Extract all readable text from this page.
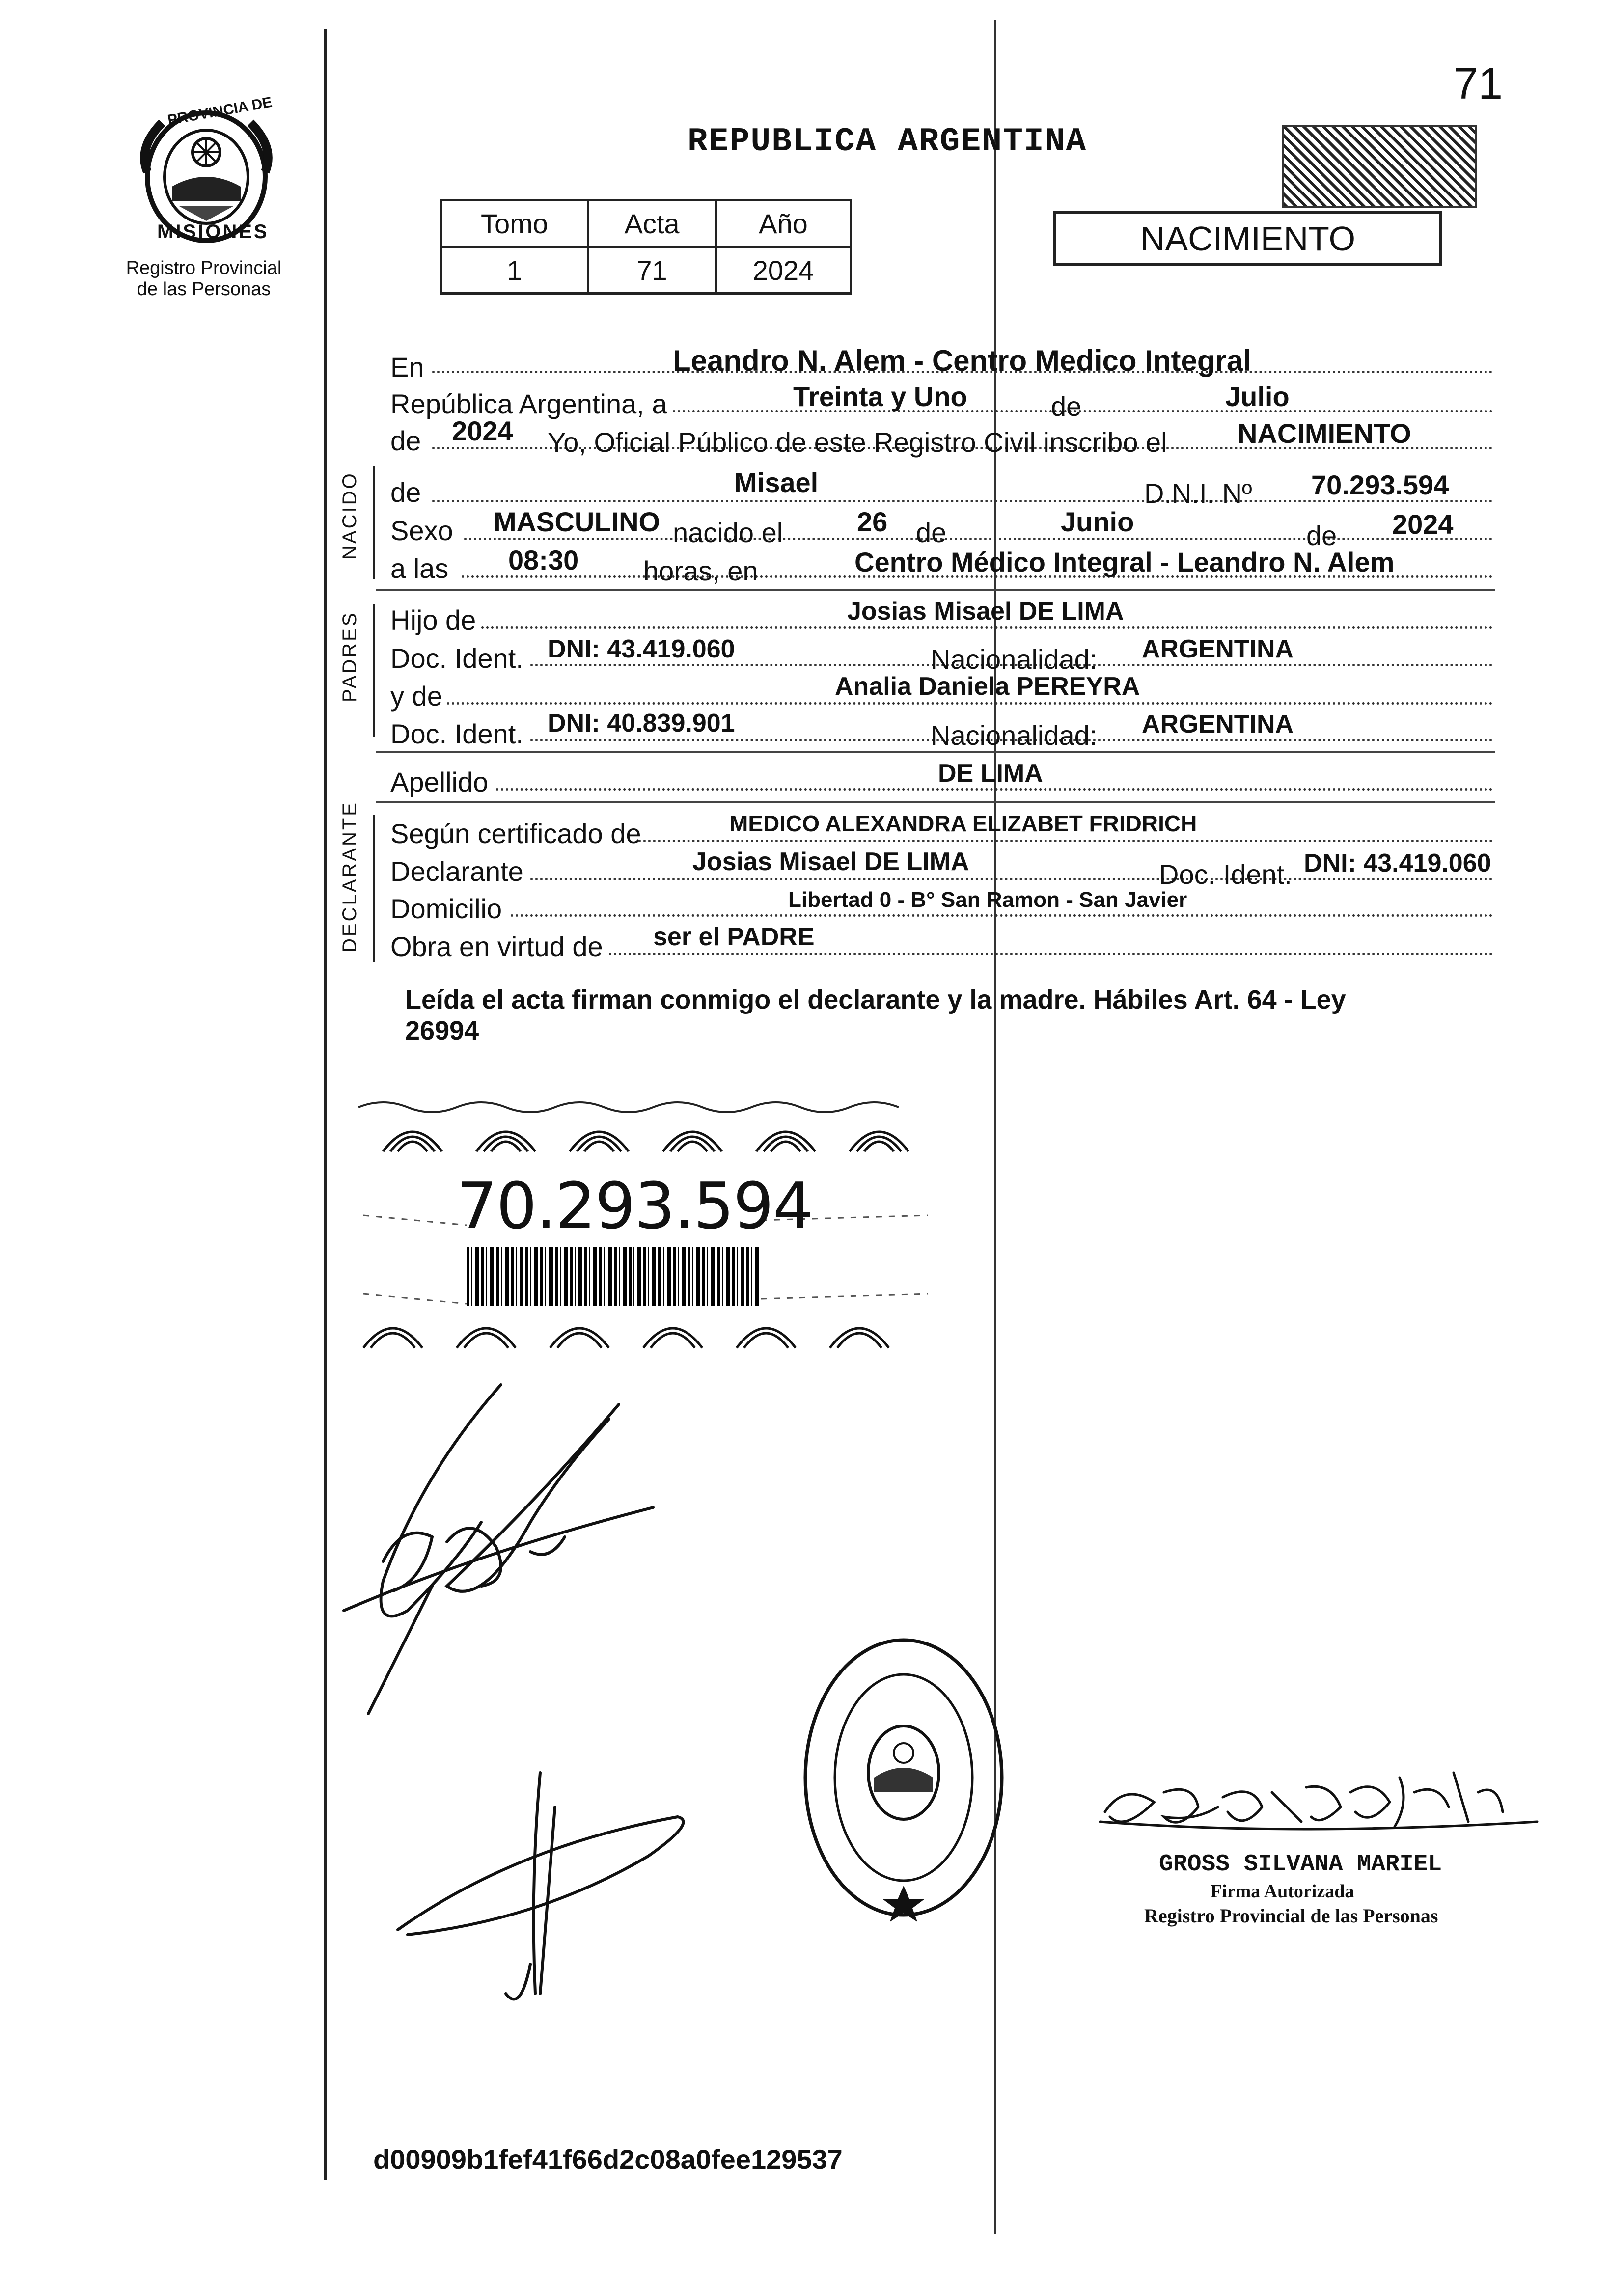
71
PROVINCIA DE
MISIONES
Registro Provincial
de las Personas
REPUBLICA ARGENTINA
Tomo	Acta	Año
1	71	2024
NACIMIENTO
En	Leandro N. Alem - Centro Medico Integral
República Argentina, a	Treinta y Uno	de	Julio
de 2024 Yo, Oficial Público de este Registro Civil inscribo el	NACIMIENTO
NACIDO de	Misael	D.N.I. Nº 70.293.594
Sexo MASCULINO nacido el	26 de	Junio	de 2024
a las 08:30 horas, en	Centro Médico Integral - Leandro N. Alem
PADRES Hijo de	Josias Misael DE LIMA
Doc. Ident. DNI: 43.419.060	Nacionalidad: ARGENTINA
y de	Analia Daniela PEREYRA
Doc. Ident. DNI: 40.839.901	Nacionalidad: ARGENTINA
Apellido	DE LIMA
DECLARANTE Según certificado de	MEDICO ALEXANDRA ELIZABET FRIDRICH
Declarante	Josias Misael DE LIMA	Doc. Ident. DNI: 43.419.060
Domicilio	Libertad 0 - B° San Ramon - San Javier
Obra en virtud de ser el PADRE
Leída el acta firman conmigo el declarante y la madre. Hábiles Art. 64 - Ley
26994
70.293.594
GROSS SILVANA MARIEL
Firma Autorizada
Registro Provincial de las Personas
d00909b1fef41f66d2c08a0fee129537
